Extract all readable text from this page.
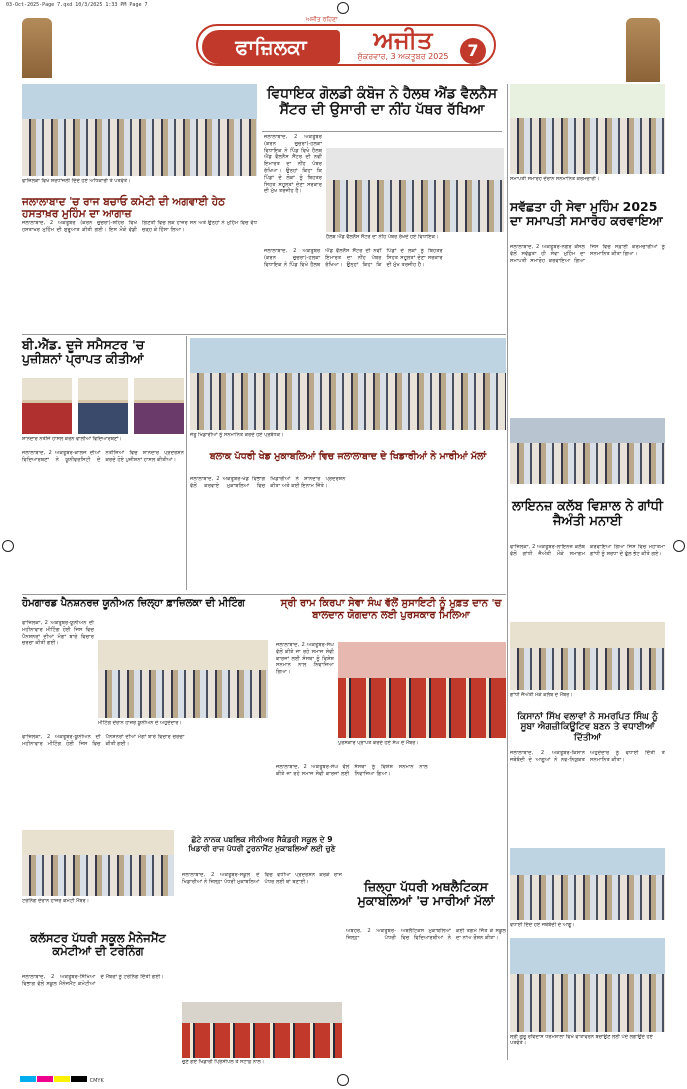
03-Oct-2025-Page 7.qxd 10/3/2025 1:33 PM Page 7
ਅਜੀਤ ਰਹਿਣਾ
ਫਾਜ਼ਿਲਕਾ	ਅਜੀਤ
ਸ਼ੁੱਕਰਵਾਰ, 3 ਅਕਤੂਬਰ 2025	7
ਫਾਜ਼ਿਲਕਾ ਵਿਖੇ ਸ਼ਰਧਾਂਜਲੀ ਦਿੰਦੇ ਹੋਏ ਅਧਿਕਾਰੀ ਤੇ ਪਤਵੰਤੇ।
ਵਿਧਾਇਕ ਗੋਲਡੀ ਕੰਬੋਜ ਨੇ ਹੈਲਥ ਐਂਡ ਵੈਲਨੈਸ ਸੈਂਟਰ ਦੀ ਉਸਾਰੀ ਦਾ ਨੀਂਹ ਪੱਥਰ ਰੱਖਿਆ
ਜਲਾਲਾਬਾਦ, 2 ਅਕਤੂਬਰ (ਕਰਨ ਚੁਚਰਾ)-ਹਲਕਾ ਵਿਧਾਇਕ ਨੇ ਪਿੰਡ ਵਿਖੇ ਹੈਲਥ ਐਂਡ ਵੈਲਨੈਸ ਸੈਂਟਰ ਦੀ ਨਵੀਂ ਇਮਾਰਤ ਦਾ ਨੀਂਹ ਪੱਥਰ ਰੱਖਿਆ। ਉਨ੍ਹਾਂ ਕਿਹਾ ਕਿ ਪਿੰਡਾਂ ਦੇ ਲੋਕਾਂ ਨੂੰ ਬਿਹਤਰ ਸਿਹਤ ਸਹੂਲਤਾਂ ਦੇਣਾ ਸਰਕਾਰ ਦੀ ਮੁੱਖ ਤਰਜੀਹ ਹੈ।
ਹੈਲਥ ਐਂਡ ਵੈਲਨੈਸ ਸੈਂਟਰ ਦਾ ਨੀਂਹ ਪੱਥਰ ਰੱਖਦੇ ਹੋਏ ਵਿਧਾਇਕ।
ਜਲਾਲਾਬਾਦ, 2 ਅਕਤੂਬਰ (ਕਰਨ ਚੁਚਰਾ)-ਹਲਕਾ ਵਿਧਾਇਕ ਨੇ ਪਿੰਡ ਵਿਖੇ ਹੈਲਥ ਐਂਡ ਵੈਲਨੈਸ ਸੈਂਟਰ ਦੀ ਨਵੀਂ ਇਮਾਰਤ ਦਾ ਨੀਂਹ ਪੱਥਰ ਰੱਖਿਆ। ਉਨ੍ਹਾਂ ਕਿਹਾ ਕਿ ਪਿੰਡਾਂ ਦੇ ਲੋਕਾਂ ਨੂੰ ਬਿਹਤਰ ਸਿਹਤ ਸਹੂਲਤਾਂ ਦੇਣਾ ਸਰਕਾਰ ਦੀ ਮੁੱਖ ਤਰਜੀਹ ਹੈ।
ਜਲਾਲਾਬਾਦ 'ਚ ਰਾਜ ਬਚਾਓ ਕਮੇਟੀ ਦੀ ਅਗਵਾਈ ਹੇਠ ਹਸਤਾਖ਼ਰ ਮੁਹਿੰਮ ਦਾ ਆਗਾਜ਼
ਜਲਾਲਾਬਾਦ, 2 ਅਕਤੂਬਰ (ਕਰਨ ਚੁਚਰਾ)-ਸ਼ਹਿਰ ਵਿਖੇ ਹਸਤਾਖ਼ਰ ਮੁਹਿੰਮ ਦੀ ਸ਼ੁਰੂਆਤ ਕੀਤੀ ਗਈ। ਇਸ ਮੌਕੇ ਵੱਡੀ ਗਿਣਤੀ ਵਿਚ ਲੋਕ ਹਾਜ਼ਰ ਸਨ ਅਤੇ ਉਨ੍ਹਾਂ ਨੇ ਮੁਹਿੰਮ ਵਿਚ ਵੱਧ ਚੜ੍ਹ ਕੇ ਹਿੱਸਾ ਲਿਆ।
ਬੀ.ਐੱਡ. ਦੂਜੇ ਸਮੈਸਟਰ 'ਚ ਪੁਜ਼ੀਸ਼ਨਾਂ ਪ੍ਰਾਪਤ ਕੀਤੀਆਂ
ਸ਼ਾਨਦਾਰ ਨਤੀਜੇ ਹਾਸਲ ਕਰਨ ਵਾਲੀਆਂ ਵਿਦਿਆਰਥਣਾਂ।
ਜਲਾਲਾਬਾਦ, 2 ਅਕਤੂਬਰ-ਕਾਲਜ ਦੀਆਂ ਵਿਦਿਆਰਥਣਾਂ ਨੇ ਯੂਨੀਵਰਸਿਟੀ ਦੇ ਨਤੀਜਿਆਂ ਵਿਚ ਸ਼ਾਨਦਾਰ ਪ੍ਰਦਰਸ਼ਨ ਕਰਦੇ ਹੋਏ ਪੁਜ਼ੀਸ਼ਨਾਂ ਹਾਸਲ ਕੀਤੀਆਂ।
ਜੇਤੂ ਖਿਡਾਰੀਆਂ ਨੂੰ ਸਨਮਾਨਿਤ ਕਰਦੇ ਹੋਏ ਪ੍ਰਬੰਧਕ।
ਬਲਾਕ ਪੱਧਰੀ ਖੇਡ ਮੁਕਾਬਲਿਆਂ ਵਿਚ ਜਲਾਲਾਬਾਦ ਦੇ ਖਿਡਾਰੀਆਂ ਨੇ ਮਾਰੀਆਂ ਮੱਲਾਂ
ਜਲਾਲਾਬਾਦ, 2 ਅਕਤੂਬਰ-ਖੇਡ ਵਿਭਾਗ ਵੱਲੋਂ ਕਰਵਾਏ ਮੁਕਾਬਲਿਆਂ ਵਿਚ ਖਿਡਾਰੀਆਂ ਨੇ ਸ਼ਾਨਦਾਰ ਪ੍ਰਦਰਸ਼ਨ ਕੀਤਾ ਅਤੇ ਕਈ ਇਨਾਮ ਜਿੱਤੇ।
ਸਮਾਪਤੀ ਸਮਾਰੋਹ ਦੌਰਾਨ ਸਨਮਾਨਿਤ ਕਰਮਚਾਰੀ।
ਸਵੱਛਤਾ ਹੀ ਸੇਵਾ ਮੁਹਿੰਮ 2025 ਦਾ ਸਮਾਪਤੀ ਸਮਾਰੋਹ ਕਰਵਾਇਆ
ਜਲਾਲਾਬਾਦ, 2 ਅਕਤੂਬਰ-ਨਗਰ ਕੌਂਸਲ ਵੱਲੋਂ ਸਵੱਛਤਾ ਹੀ ਸੇਵਾ ਮੁਹਿੰਮ ਦਾ ਸਮਾਪਤੀ ਸਮਾਰੋਹ ਕਰਵਾਇਆ ਗਿਆ ਜਿਸ ਵਿਚ ਸਫ਼ਾਈ ਕਰਮਚਾਰੀਆਂ ਨੂੰ ਸਨਮਾਨਿਤ ਕੀਤਾ ਗਿਆ।
ਲਾਇਨਜ਼ ਕਲੱਬ ਵਿਸ਼ਾਲ ਨੇ ਗਾਂਧੀ ਜੈਅੰਤੀ ਮਨਾਈ
ਫਾਜ਼ਿਲਕਾ, 2 ਅਕਤੂਬਰ-ਲਾਇਨਜ਼ ਕਲੱਬ ਵੱਲੋਂ ਗਾਂਧੀ ਜੈਅੰਤੀ ਮੌਕੇ ਸਮਾਗਮ ਕਰਵਾਇਆ ਗਿਆ ਜਿਸ ਵਿਚ ਮਹਾਤਮਾ ਗਾਂਧੀ ਨੂੰ ਸ਼ਰਧਾ ਦੇ ਫੁੱਲ ਭੇਟ ਕੀਤੇ ਗਏ।
ਗਾਂਧੀ ਜੈਅੰਤੀ ਮੌਕੇ ਕਲੱਬ ਦੇ ਮੈਂਬਰ।
ਕਿਸਾਨਾਂ ਸਿੱਖ ਵਲਾਵਾਂ ਨੇ ਸਮਰਪਿਤ ਸਿੰਘ ਨੂੰ ਸੂਬਾ ਐਗਜ਼ੀਕਿਊਟਿਵ ਬਣਨ ਤੇ ਵਧਾਈਆਂ ਦਿੱਤੀਆਂ
ਜਲਾਲਾਬਾਦ, 2 ਅਕਤੂਬਰ-ਕਿਸਾਨ ਜਥੇਬੰਦੀ ਦੇ ਆਗੂਆਂ ਨੇ ਨਵ-ਨਿਯੁਕਤ ਅਹੁਦੇਦਾਰ ਨੂੰ ਵਧਾਈ ਦਿੱਤੀ ਤੇ ਸਨਮਾਨਿਤ ਕੀਤਾ।
ਵਧਾਈ ਦਿੰਦੇ ਹੋਏ ਜਥੇਬੰਦੀ ਦੇ ਆਗੂ।
ਹੋਮਗਾਰਡ ਪੈਨਸ਼ਨਰਜ਼ ਯੂਨੀਅਨ ਜ਼ਿਲ੍ਹਾ ਫ਼ਾਜ਼ਿਲਕਾ ਦੀ ਮੀਟਿੰਗ
ਫਾਜ਼ਿਲਕਾ, 2 ਅਕਤੂਬਰ-ਯੂਨੀਅਨ ਦੀ ਮਹੀਨਾਵਾਰ ਮੀਟਿੰਗ ਹੋਈ ਜਿਸ ਵਿਚ ਪੈਨਸ਼ਨਰਾਂ ਦੀਆਂ ਮੰਗਾਂ ਬਾਰੇ ਵਿਚਾਰ ਚਰਚਾ ਕੀਤੀ ਗਈ।
ਮੀਟਿੰਗ ਦੌਰਾਨ ਹਾਜ਼ਰ ਯੂਨੀਅਨ ਦੇ ਅਹੁਦੇਦਾਰ।
ਫਾਜ਼ਿਲਕਾ, 2 ਅਕਤੂਬਰ-ਯੂਨੀਅਨ ਦੀ ਮਹੀਨਾਵਾਰ ਮੀਟਿੰਗ ਹੋਈ ਜਿਸ ਵਿਚ ਪੈਨਸ਼ਨਰਾਂ ਦੀਆਂ ਮੰਗਾਂ ਬਾਰੇ ਵਿਚਾਰ ਚਰਚਾ ਕੀਤੀ ਗਈ।
ਸ੍ਰੀ ਰਾਮ ਕਿਰਪਾ ਸੇਵਾ ਸੰਘ ਵੱਲੋਂ ਸੁਸਾਇਟੀ ਨੂੰ ਮੁਫ਼ਤ ਦਾਨ 'ਚ ਬਾਲਦਾਨ ਯੋਗਦਾਨ ਲਈ ਪੁਰਸਕਾਰ ਮਿਲਿਆ
ਜਲਾਲਾਬਾਦ, 2 ਅਕਤੂਬਰ-ਸੰਘ ਵੱਲੋਂ ਕੀਤੇ ਜਾ ਰਹੇ ਸਮਾਜ ਸੇਵੀ ਕਾਰਜਾਂ ਲਈ ਸੰਸਥਾ ਨੂੰ ਵਿਸ਼ੇਸ਼ ਸਨਮਾਨ ਨਾਲ ਨਿਵਾਜਿਆ ਗਿਆ।
ਪੁਰਸਕਾਰ ਪ੍ਰਾਪਤ ਕਰਦੇ ਹੋਏ ਸੰਘ ਦੇ ਮੈਂਬਰ।
ਜਲਾਲਾਬਾਦ, 2 ਅਕਤੂਬਰ-ਸੰਘ ਵੱਲੋਂ ਕੀਤੇ ਜਾ ਰਹੇ ਸਮਾਜ ਸੇਵੀ ਕਾਰਜਾਂ ਲਈ ਸੰਸਥਾ ਨੂੰ ਵਿਸ਼ੇਸ਼ ਸਨਮਾਨ ਨਾਲ ਨਿਵਾਜਿਆ ਗਿਆ।
ਛੋਟੇ ਨਾਨਕ ਪਬਲਿਕ ਸੀਨੀਅਰ ਸੈਕੰਡਰੀ ਸਕੂਲ ਦੇ 9 ਖਿਡਾਰੀ ਰਾਜ ਪੱਧਰੀ ਟੂਰਨਾਮੈਂਟ ਮੁਕਾਬਲਿਆਂ ਲਈ ਚੁਣੇ
ਜਲਾਲਾਬਾਦ, 2 ਅਕਤੂਬਰ-ਸਕੂਲ ਦੇ ਖਿਡਾਰੀਆਂ ਨੇ ਜ਼ਿਲ੍ਹਾ ਪੱਧਰੀ ਮੁਕਾਬਲਿਆਂ ਵਿਚ ਵਧੀਆ ਪ੍ਰਦਰਸ਼ਨ ਕਰਕੇ ਰਾਜ ਪੱਧਰ ਲਈ ਥਾਂ ਬਣਾਈ।
ਚੁਣੇ ਗਏ ਖਿਡਾਰੀ ਪ੍ਰਿੰਸੀਪਲ ਤੇ ਸਟਾਫ਼ ਨਾਲ।
ਜ਼ਿਲ੍ਹਾ ਪੱਧਰੀ ਅਥਲੈਟਿਕਸ ਮੁਕਾਬਲਿਆਂ 'ਚ ਮਾਰੀਆਂ ਮੱਲਾਂ
ਅਬੋਹਰ, 2 ਅਕਤੂਬਰ-ਜ਼ਿਲ੍ਹਾ ਪੱਧਰੀ ਅਥਲੈਟਿਕਸ ਮੁਕਾਬਲਿਆਂ ਵਿਚ ਵਿਦਿਆਰਥੀਆਂ ਨੇ ਕਈ ਤਗਮੇ ਜਿੱਤ ਕੇ ਸਕੂਲ ਦਾ ਨਾਂਅ ਰੌਸ਼ਨ ਕੀਤਾ।
ਟਰੇਨਿੰਗ ਦੌਰਾਨ ਹਾਜ਼ਰ ਕਮੇਟੀ ਮੈਂਬਰ।
ਕਲੱਸਟਰ ਪੱਧਰੀ ਸਕੂਲ ਮੈਨੇਜਮੈਂਟ ਕਮੇਟੀਆਂ ਦੀ ਟਰੇਨਿੰਗ
ਜਲਾਲਾਬਾਦ, 2 ਅਕਤੂਬਰ-ਸਿੱਖਿਆ ਵਿਭਾਗ ਵੱਲੋਂ ਸਕੂਲ ਮੈਨੇਜਮੈਂਟ ਕਮੇਟੀਆਂ ਦੇ ਮੈਂਬਰਾਂ ਨੂੰ ਟਰੇਨਿੰਗ ਦਿੱਤੀ ਗਈ।
ਸ੍ਰੀ ਗੁਰੂ ਰਵਿਦਾਸ ਧਰਮਸ਼ਾਲਾ ਵਿਖੇ ਵਾਤਾਵਰਨ ਬਚਾਉਣ ਲਈ ਪੌਦੇ ਲਗਾਉਂਦੇ ਹੋਏ ਪਤਵੰਤੇ।
CMYK
